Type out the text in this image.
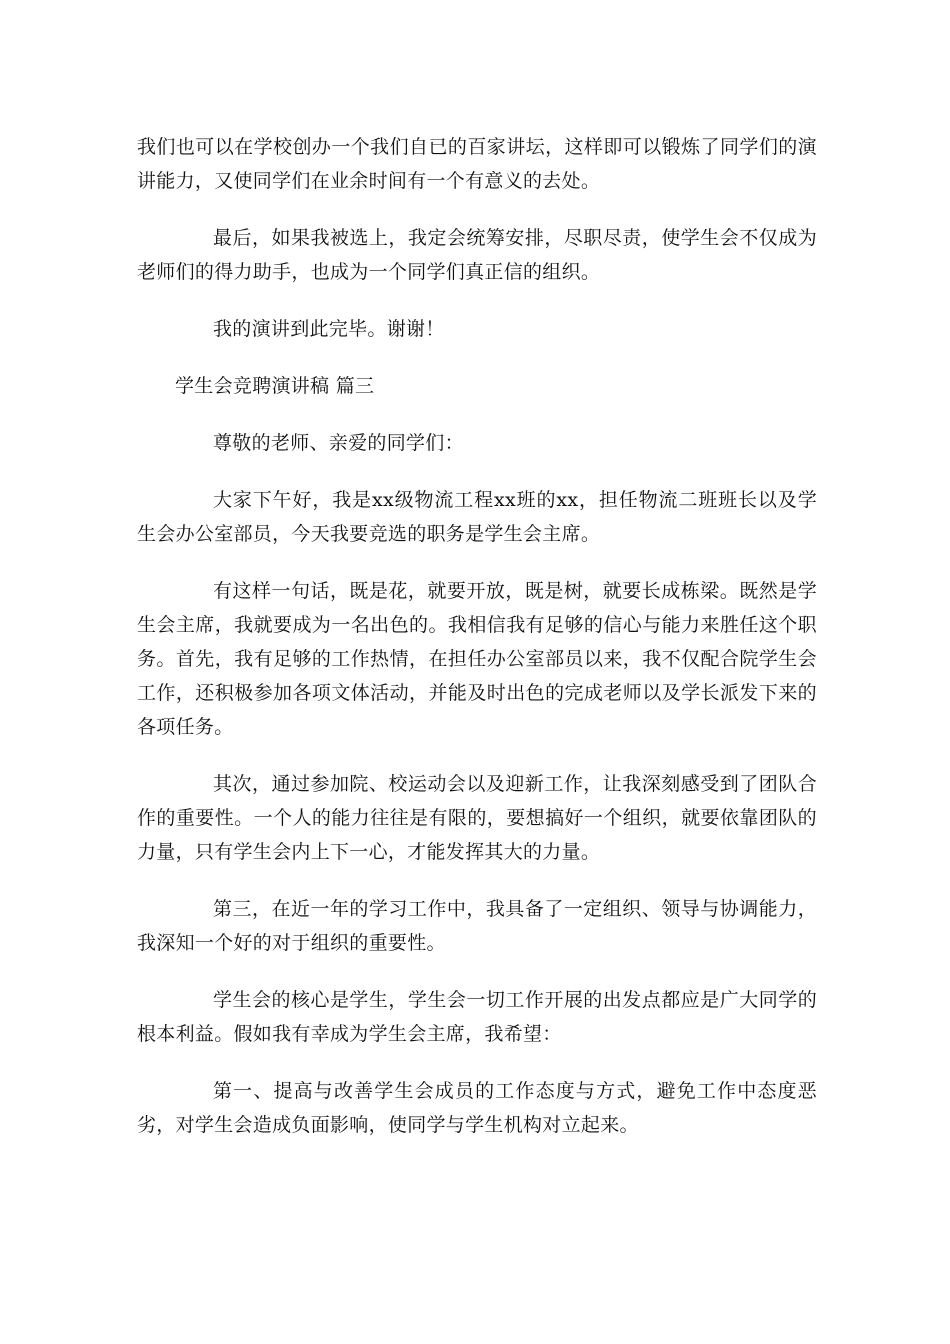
我们也可以在学校创办一个我们自已的百家讲坛，这样即可以锻炼了同学们的演讲能力，又使同学们在业余时间有一个有意义的去处。

最后，如果我被选上，我定会统筹安排，尽职尽责，使学生会不仅成为老师们的得力助手，也成为一个同学们真正信的组织。

我的演讲到此完毕。谢谢！

学生会竞聘演讲稿 篇三

尊敬的老师、亲爱的同学们：

大家下午好，我是xx级物流工程xx班的xx，担任物流二班班长以及学生会办公室部员，今天我要竞选的职务是学生会主席。

有这样一句话，既是花，就要开放，既是树，就要长成栋梁。既然是学生会主席，我就要成为一名出色的。我相信我有足够的信心与能力来胜任这个职务。首先，我有足够的工作热情，在担任办公室部员以来，我不仅配合院学生会工作，还积极参加各项文体活动，并能及时出色的完成老师以及学长派发下来的各项任务。

其次，通过参加院、校运动会以及迎新工作，让我深刻感受到了团队合作的重要性。一个人的能力往往是有限的，要想搞好一个组织，就要依靠团队的力量，只有学生会内上下一心，才能发挥其大的力量。

第三，在近一年的学习工作中，我具备了一定组织、领导与协调能力，我深知一个好的对于组织的重要性。

学生会的核心是学生，学生会一切工作开展的出发点都应是广大同学的根本利益。假如我有幸成为学生会主席，我希望：

第一、提高与改善学生会成员的工作态度与方式，避免工作中态度恶劣，对学生会造成负面影响，使同学与学生机构对立起来。
